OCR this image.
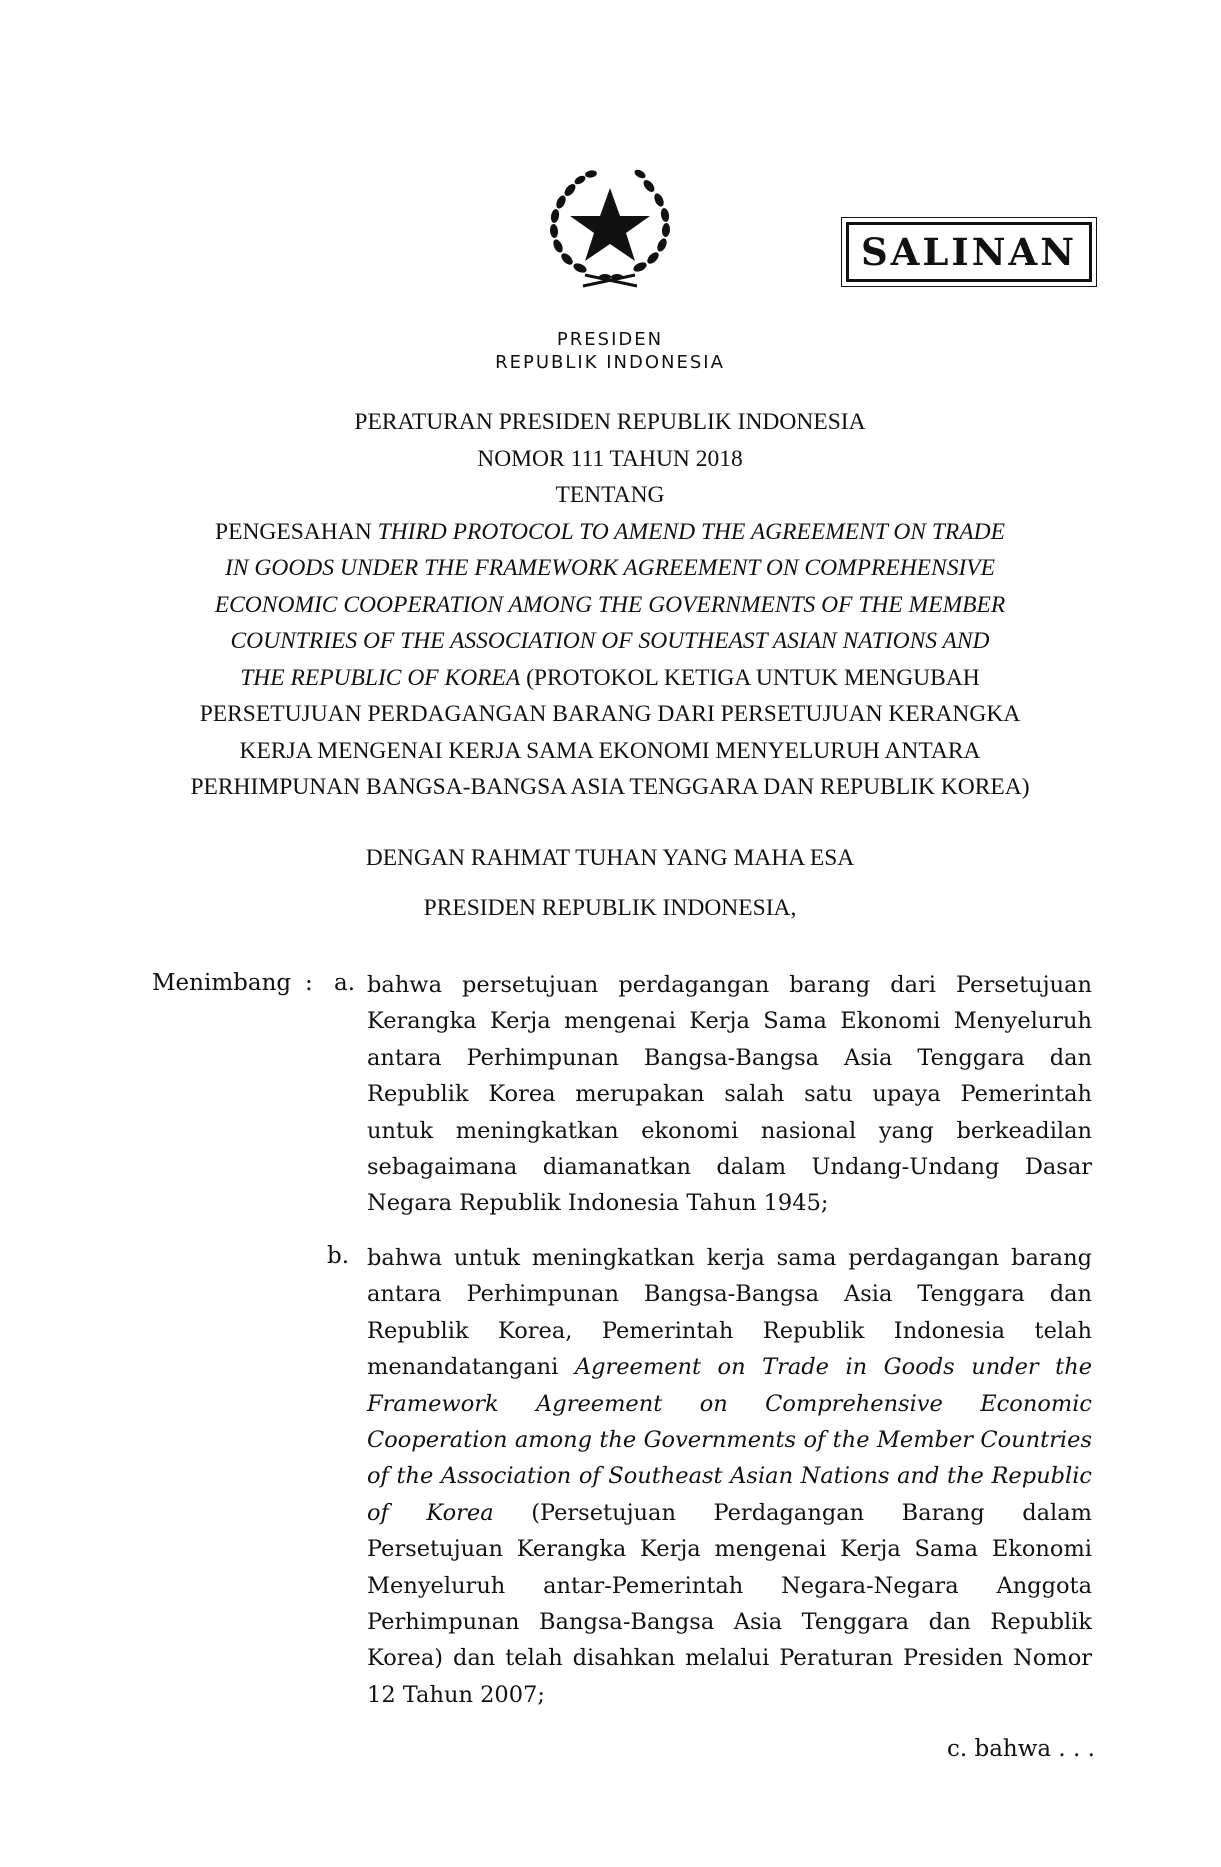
SALINAN
PRESIDEN
REPUBLIK INDONESIA
PERATURAN PRESIDEN REPUBLIK INDONESIA
NOMOR 111 TAHUN 2018
TENTANG
PENGESAHAN THIRD PROTOCOL TO AMEND THE AGREEMENT ON TRADE
IN GOODS UNDER THE FRAMEWORK AGREEMENT ON COMPREHENSIVE
ECONOMIC COOPERATION AMONG THE GOVERNMENTS OF THE MEMBER
COUNTRIES OF THE ASSOCIATION OF SOUTHEAST ASIAN NATIONS AND
THE REPUBLIC OF KOREA (PROTOKOL KETIGA UNTUK MENGUBAH
PERSETUJUAN PERDAGANGAN BARANG DARI PERSETUJUAN KERANGKA
KERJA MENGENAI KERJA SAMA EKONOMI MENYELURUH ANTARA
PERHIMPUNAN BANGSA-BANGSA ASIA TENGGARA DAN REPUBLIK KOREA)
DENGAN RAHMAT TUHAN YANG MAHA ESA
PRESIDEN REPUBLIK INDONESIA,
Menimbang : a. bahwa persetujuan perdagangan barang dari Persetujuan
Kerangka Kerja mengenai Kerja Sama Ekonomi Menyeluruh
antara Perhimpunan Bangsa-Bangsa Asia Tenggara dan
Republik Korea merupakan salah satu upaya Pemerintah
untuk meningkatkan ekonomi nasional yang berkeadilan
sebagaimana diamanatkan dalam Undang-Undang Dasar
Negara Republik Indonesia Tahun 1945;
b. bahwa untuk meningkatkan kerja sama perdagangan barang
antara Perhimpunan Bangsa-Bangsa Asia Tenggara dan
Republik Korea, Pemerintah Republik Indonesia telah
menandatangani Agreement on Trade in Goods under the
Framework Agreement on Comprehensive Economic
Cooperation among the Governments of the Member Countries
of the Association of Southeast Asian Nations and the Republic
of Korea (Persetujuan Perdagangan Barang dalam
Persetujuan Kerangka Kerja mengenai Kerja Sama Ekonomi
Menyeluruh antar-Pemerintah Negara-Negara Anggota
Perhimpunan Bangsa-Bangsa Asia Tenggara dan Republik
Korea) dan telah disahkan melalui Peraturan Presiden Nomor
12 Tahun 2007;
c. bahwa . . .
